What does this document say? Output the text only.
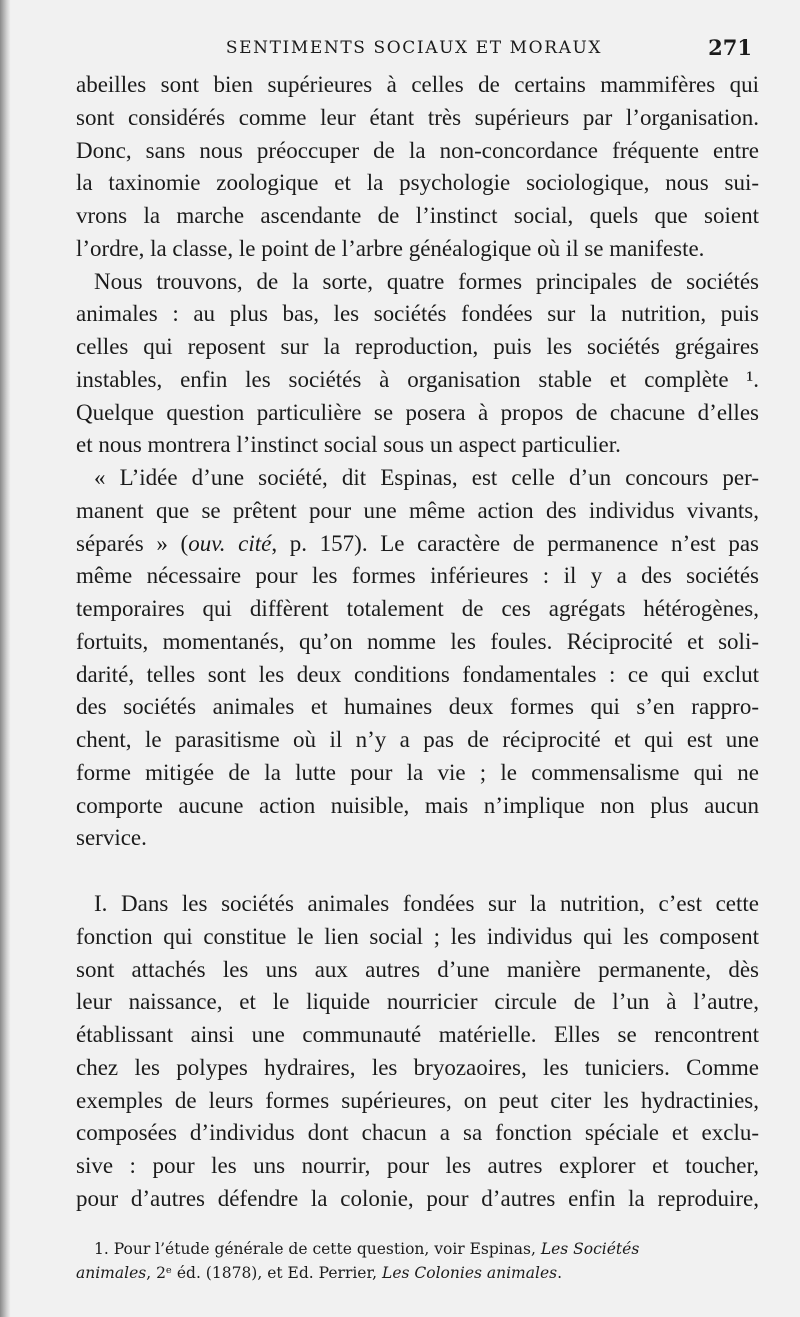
SENTIMENTS SOCIAUX ET MORAUX	271
abeilles sont bien supérieures à celles de certains mammifères qui
sont considérés comme leur étant très supérieurs par l’organisation.
Donc, sans nous préoccuper de la non-concordance fréquente entre
la taxinomie zoologique et la psychologie sociologique, nous sui-
vrons la marche ascendante de l’instinct social, quels que soient
l’ordre, la classe, le point de l’arbre généalogique où il se manifeste.
Nous trouvons, de la sorte, quatre formes principales de sociétés
animales : au plus bas, les sociétés fondées sur la nutrition, puis
celles qui reposent sur la reproduction, puis les sociétés grégaires
instables, enfin les sociétés à organisation stable et complète ¹.
Quelque question particulière se posera à propos de chacune d’elles
et nous montrera l’instinct social sous un aspect particulier.
« L’idée d’une société, dit Espinas, est celle d’un concours per-
manent que se prêtent pour une même action des individus vivants,
séparés » (ouv. cité, p. 157). Le caractère de permanence n’est pas
même nécessaire pour les formes inférieures : il y a des sociétés
temporaires qui diffèrent totalement de ces agrégats hétérogènes,
fortuits, momentanés, qu’on nomme les foules. Réciprocité et soli-
darité, telles sont les deux conditions fondamentales : ce qui exclut
des sociétés animales et humaines deux formes qui s’en rappro-
chent, le parasitisme où il n’y a pas de réciprocité et qui est une
forme mitigée de la lutte pour la vie ; le commensalisme qui ne
comporte aucune action nuisible, mais n’implique non plus aucun
service.
I. Dans les sociétés animales fondées sur la nutrition, c’est cette
fonction qui constitue le lien social ; les individus qui les composent
sont attachés les uns aux autres d’une manière permanente, dès
leur naissance, et le liquide nourricier circule de l’un à l’autre,
établissant ainsi une communauté matérielle. Elles se rencontrent
chez les polypes hydraires, les bryozaoires, les tuniciers. Comme
exemples de leurs formes supérieures, on peut citer les hydractinies,
composées d’individus dont chacun a sa fonction spéciale et exclu-
sive : pour les uns nourrir, pour les autres explorer et toucher,
pour d’autres défendre la colonie, pour d’autres enfin la reproduire,
1. Pour l’étude générale de cette question, voir Espinas, Les Sociétés
animales, 2ᵉ éd. (1878), et Ed. Perrier, Les Colonies animales.
